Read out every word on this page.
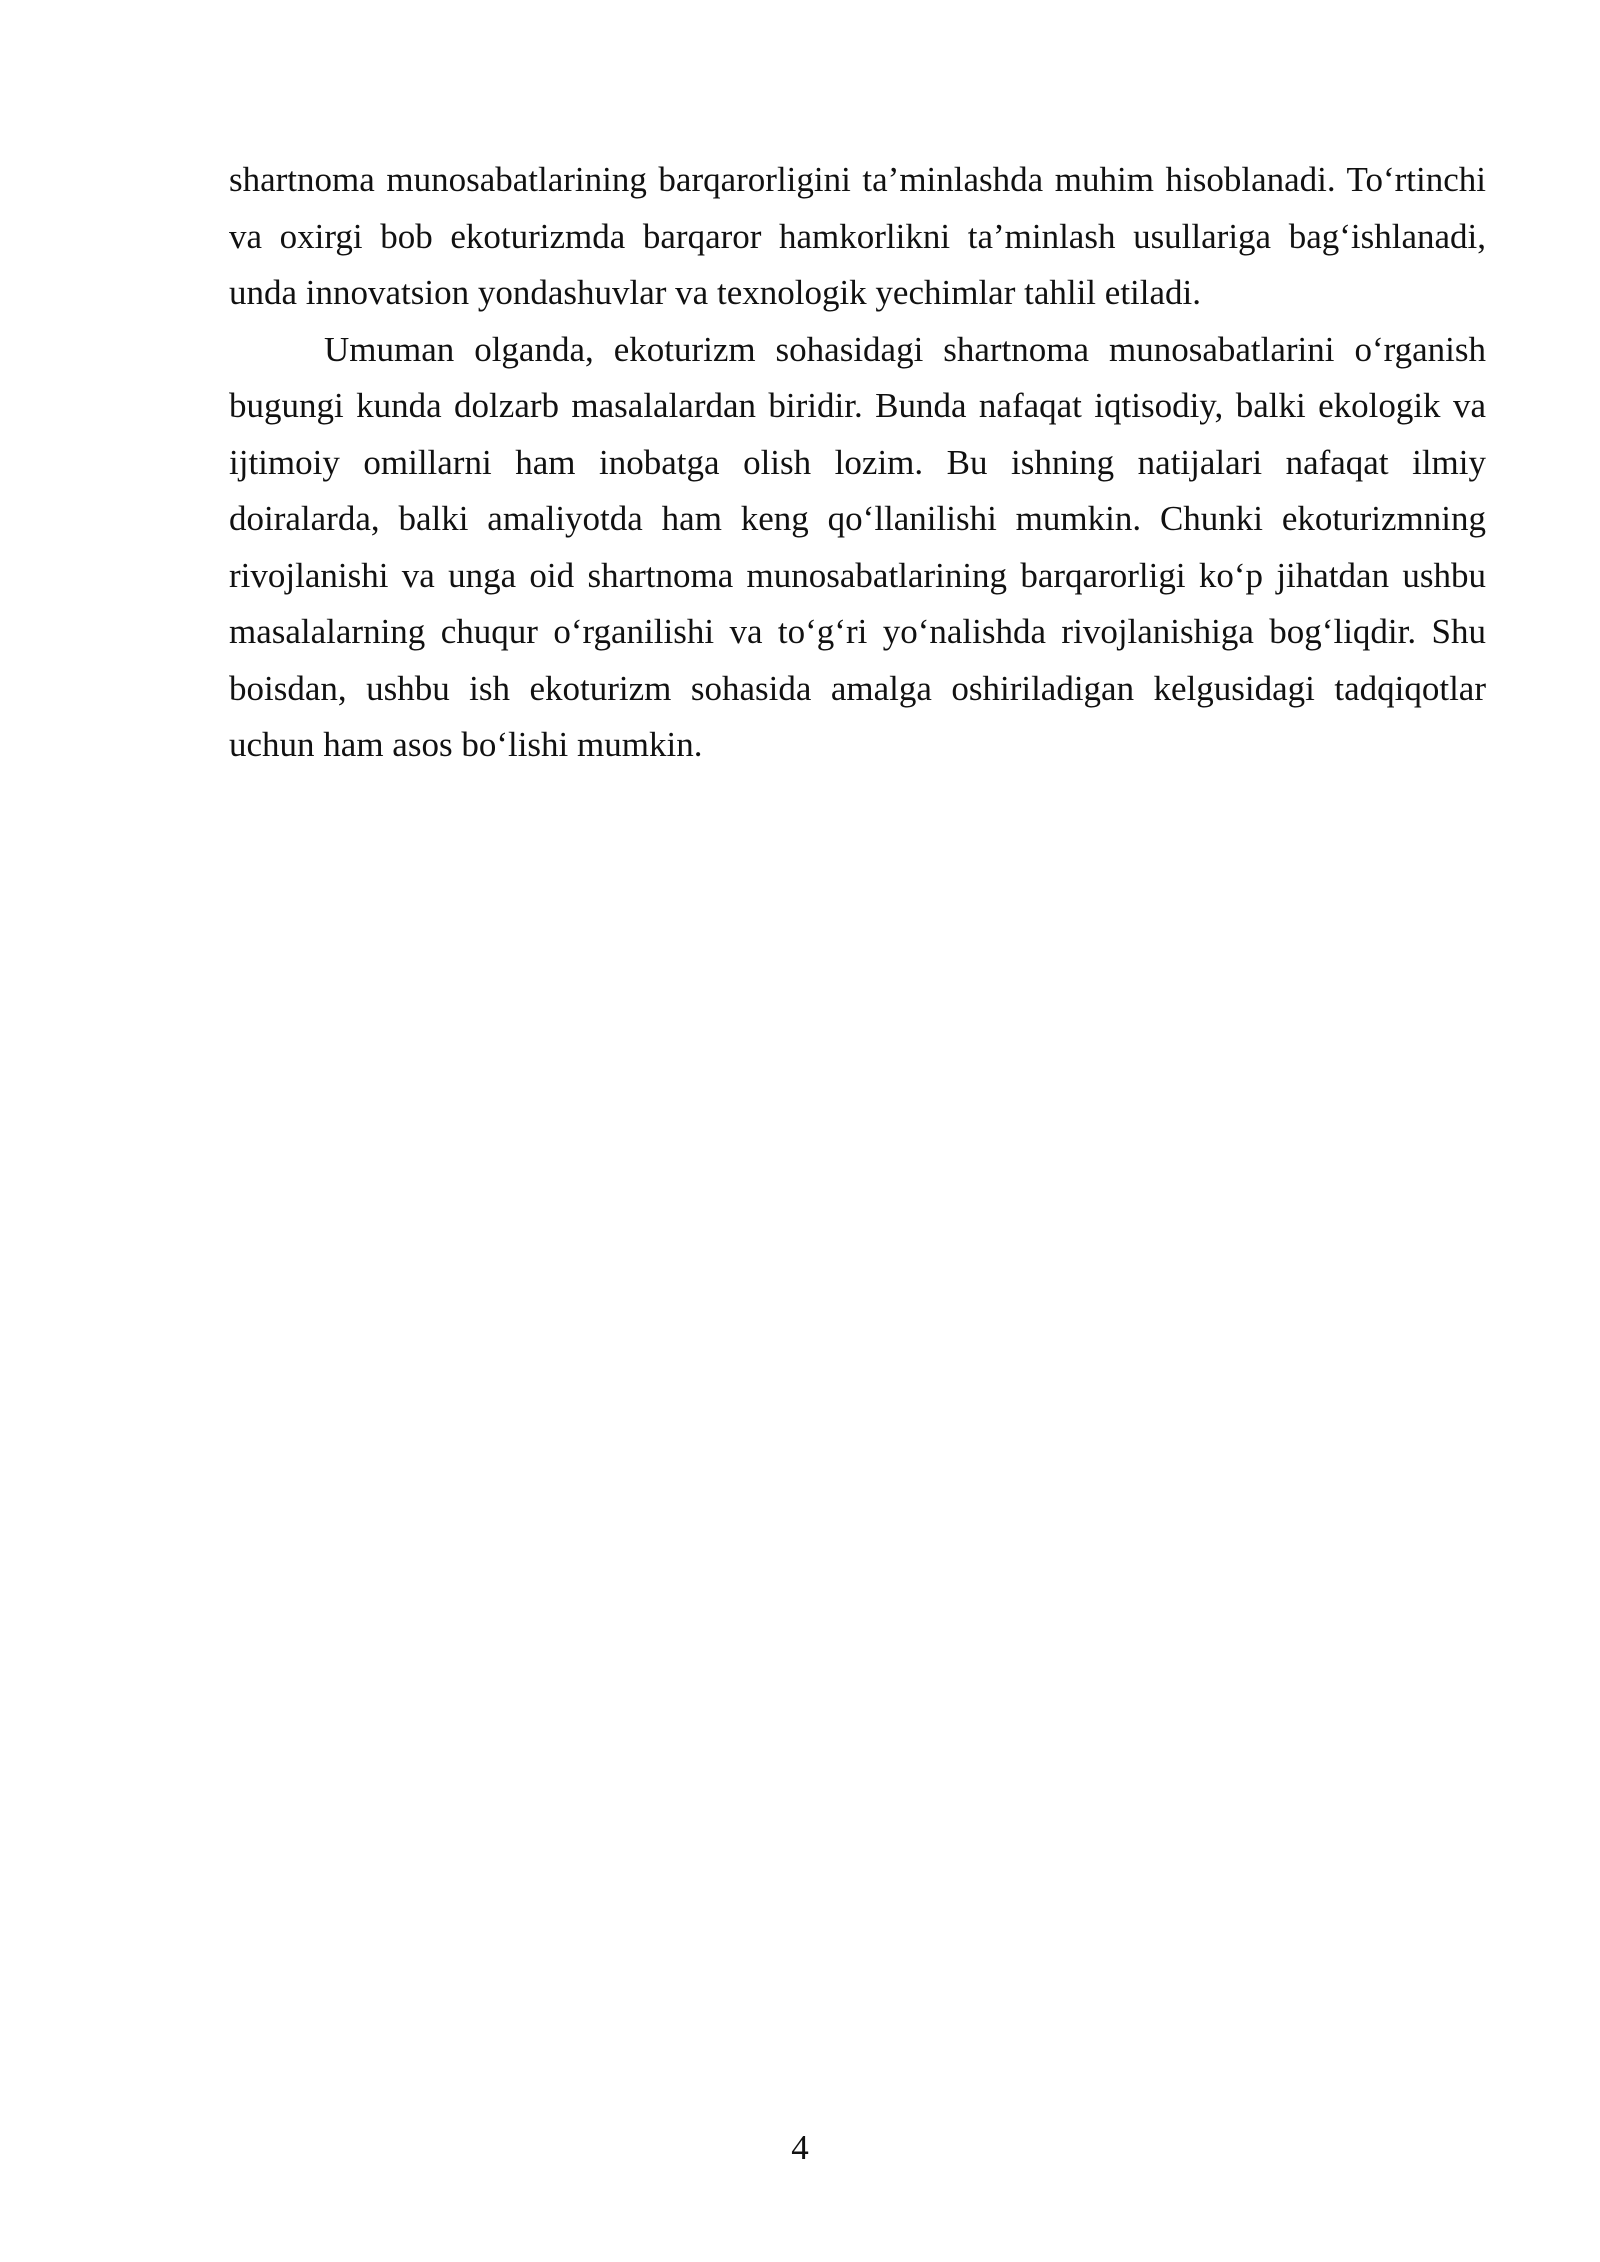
shartnoma munosabatlarining barqarorligini ta’minlashda muhim hisoblanadi. To‘rtinchi va oxirgi bob ekoturizmda barqaror hamkorlikni ta’minlash usullariga bag‘ishlanadi, unda innovatsion yondashuvlar va texnologik yechimlar tahlil etiladi.

Umuman olganda, ekoturizm sohasidagi shartnoma munosabatlarini o‘rganish bugungi kunda dolzarb masalalardan biridir. Bunda nafaqat iqtisodiy, balki ekologik va ijtimoiy omillarni ham inobatga olish lozim. Bu ishning natijalari nafaqat ilmiy doiralarda, balki amaliyotda ham keng qo‘llanilishi mumkin. Chunki ekoturizmning rivojlanishi va unga oid shartnoma munosabatlarining barqarorligi ko‘p jihatdan ushbu masalalarning chuqur o‘rganilishi va to‘g‘ri yo‘nalishda rivojlanishiga bog‘liqdir. Shu boisdan, ushbu ish ekoturizm sohasida amalga oshiriladigan kelgusidagi tadqiqotlar uchun ham asos bo‘lishi mumkin.

4
